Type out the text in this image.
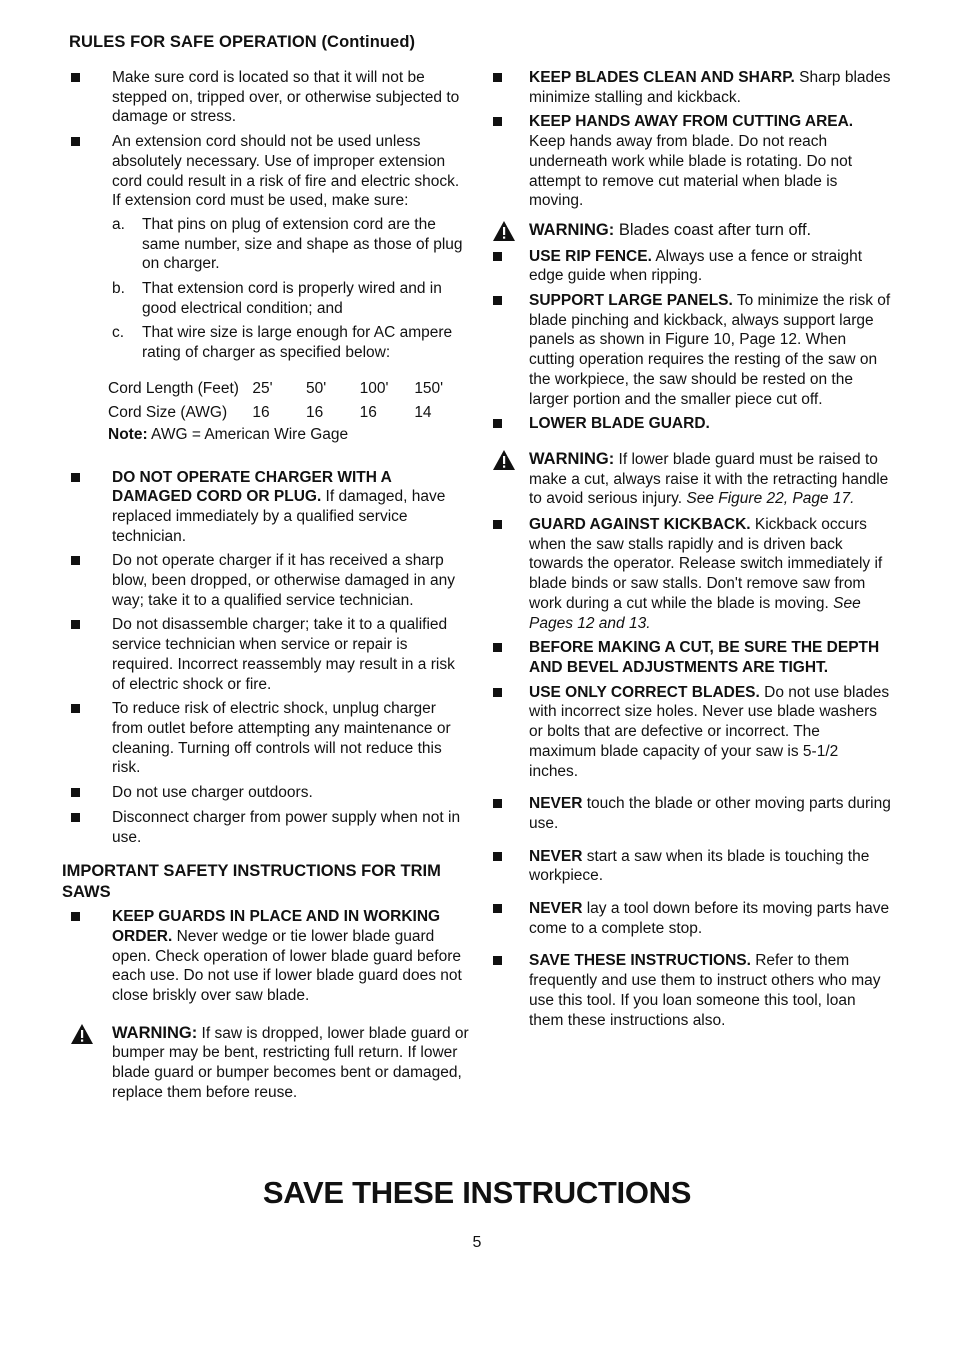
RULES FOR SAFE OPERATION (Continued)
Make sure cord is located so that it will not be stepped on, tripped over, or otherwise subjected to damage or stress.
An extension cord should not be used unless absolutely necessary. Use of improper extension cord could result in a risk of fire and electric shock. If extension cord must be used, make sure:
a. That pins on plug of extension cord are the same number, size and shape as those of plug on charger.
b. That extension cord is properly wired and in good electrical condition; and
c. That wire size is large enough for AC ampere rating of charger as specified below:
Cord Length (Feet)	25'	50'	100'	150'
Cord Size (AWG)	16	16	16	14
Note: AWG = American Wire Gage
DO NOT OPERATE CHARGER WITH A DAMAGED CORD OR PLUG. If damaged, have replaced immediately by a qualified service technician.
Do not operate charger if it has received a sharp blow, been dropped, or otherwise damaged in any way; take it to a qualified service technician.
Do not disassemble charger; take it to a qualified service technician when service or repair is required. Incorrect reassembly may result in a risk of electric shock or fire.
To reduce risk of electric shock, unplug charger from outlet before attempting any maintenance or cleaning. Turning off controls will not reduce this risk.
Do not use charger outdoors.
Disconnect charger from power supply when not in use.
IMPORTANT SAFETY INSTRUCTIONS FOR TRIM SAWS
KEEP GUARDS IN PLACE AND IN WORKING ORDER. Never wedge or tie lower blade guard open. Check operation of lower blade guard before each use. Do not use if lower blade guard does not close briskly over saw blade.
WARNING: If saw is dropped, lower blade guard or bumper may be bent, restricting full return. If lower blade guard or bumper becomes bent or damaged, replace them before reuse.
KEEP BLADES CLEAN AND SHARP. Sharp blades minimize stalling and kickback.
KEEP HANDS AWAY FROM CUTTING AREA. Keep hands away from blade. Do not reach underneath work while blade is rotating. Do not attempt to remove cut material when blade is moving.
WARNING: Blades coast after turn off.
USE RIP FENCE. Always use a fence or straight edge guide when ripping.
SUPPORT LARGE PANELS. To minimize the risk of blade pinching and kickback, always support large panels as shown in Figure 10, Page 12. When cutting operation requires the resting of the saw on the workpiece, the saw should be rested on the larger portion and the smaller piece cut off.
LOWER BLADE GUARD.
WARNING: If lower blade guard must be raised to make a cut, always raise it with the retracting handle to avoid serious injury. See Figure 22, Page 17.
GUARD AGAINST KICKBACK. Kickback occurs when the saw stalls rapidly and is driven back towards the operator. Release switch immediately if blade binds or saw stalls. Don't remove saw from work during a cut while the blade is moving. See Pages 12 and 13.
BEFORE MAKING A CUT, BE SURE THE DEPTH AND BEVEL ADJUSTMENTS ARE TIGHT.
USE ONLY CORRECT BLADES. Do not use blades with incorrect size holes. Never use blade washers or bolts that are defective or incorrect. The maximum blade capacity of your saw is 5-1/2 inches.
NEVER touch the blade or other moving parts during use.
NEVER start a saw when its blade is touching the workpiece.
NEVER lay a tool down before its moving parts have come to a complete stop.
SAVE THESE INSTRUCTIONS. Refer to them frequently and use them to instruct others who may use this tool. If you loan someone this tool, loan them these instructions also.
SAVE THESE INSTRUCTIONS
5
